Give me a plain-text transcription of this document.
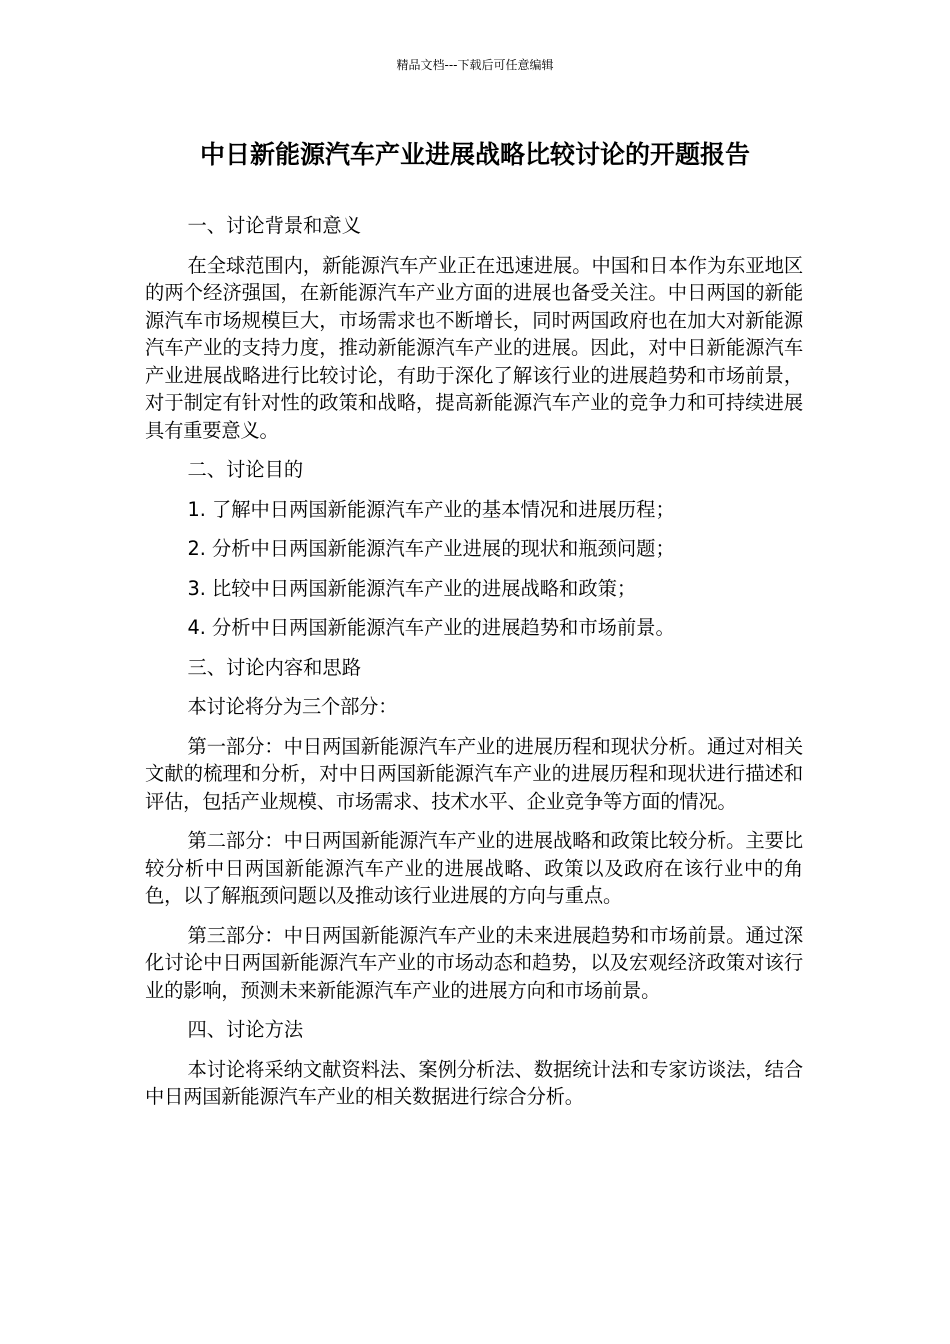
精品文档---下载后可任意编辑
中日新能源汽车产业进展战略比较讨论的开题报告

一、讨论背景和意义

在全球范围内，新能源汽车产业正在迅速进展。中国和日本作为东亚地区的两个经济强国，在新能源汽车产业方面的进展也备受关注。中日两国的新能源汽车市场规模巨大，市场需求也不断增长，同时两国政府也在加大对新能源汽车产业的支持力度，推动新能源汽车产业的进展。因此，对中日新能源汽车产业进展战略进行比较讨论，有助于深化了解该行业的进展趋势和市场前景，对于制定有针对性的政策和战略，提高新能源汽车产业的竞争力和可持续进展具有重要意义。

二、讨论目的

1. 了解中日两国新能源汽车产业的基本情况和进展历程；

2. 分析中日两国新能源汽车产业进展的现状和瓶颈问题；

3. 比较中日两国新能源汽车产业的进展战略和政策；

4. 分析中日两国新能源汽车产业的进展趋势和市场前景。

三、讨论内容和思路

本讨论将分为三个部分：

第一部分：中日两国新能源汽车产业的进展历程和现状分析。通过对相关文献的梳理和分析，对中日两国新能源汽车产业的进展历程和现状进行描述和评估，包括产业规模、市场需求、技术水平、企业竞争等方面的情况。

第二部分：中日两国新能源汽车产业的进展战略和政策比较分析。主要比较分析中日两国新能源汽车产业的进展战略、政策以及政府在该行业中的角色，以了解瓶颈问题以及推动该行业进展的方向与重点。

第三部分：中日两国新能源汽车产业的未来进展趋势和市场前景。通过深化讨论中日两国新能源汽车产业的市场动态和趋势，以及宏观经济政策对该行业的影响，预测未来新能源汽车产业的进展方向和市场前景。

四、讨论方法

本讨论将采纳文献资料法、案例分析法、数据统计法和专家访谈法，结合中日两国新能源汽车产业的相关数据进行综合分析。
